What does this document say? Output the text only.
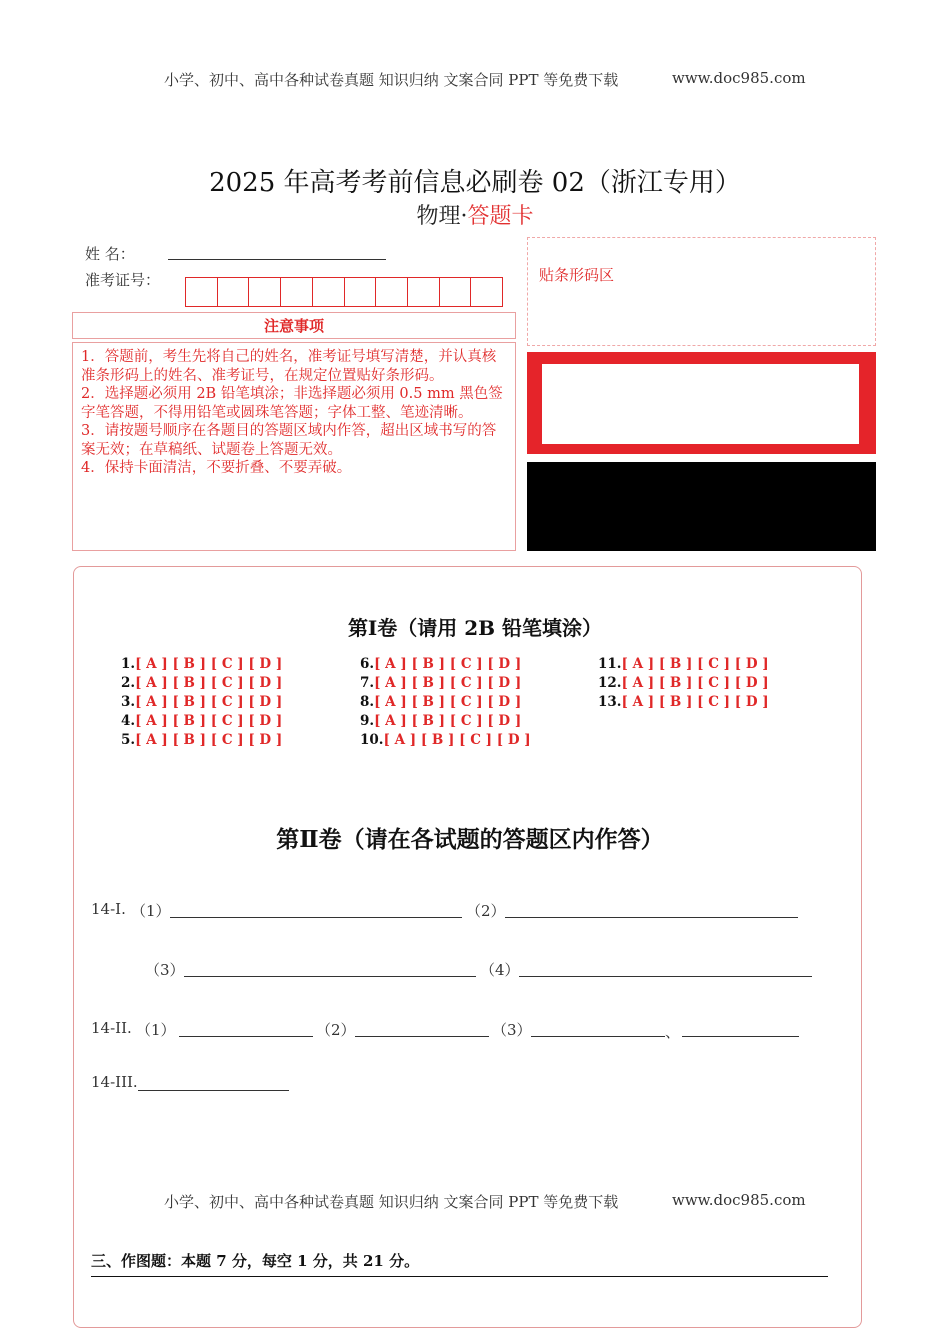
小学、初中、高中各种试卷真题 知识归纳 文案合同 PPT 等免费下载	www.doc985.com
2025 年高考考前信息必刷卷 02（浙江专用）
物理·答题卡
姓 名：
准考证号：
注意事项
1．答题前，考生先将自己的姓名，准考证号填写清楚，并认真核准条形码上的姓名、准考证号，在规定位置贴好条形码。
2．选择题必须用 2B 铅笔填涂；非选择题必须用 0.5 mm 黑色签字笔答题，不得用铅笔或圆珠笔答题；字体工整、笔迹清晰。
3．请按题号顺序在各题目的答题区域内作答，超出区域书写的答案无效；在草稿纸、试题卷上答题无效。
4．保持卡面清洁，不要折叠、不要弄破。
贴条形码区
第Ⅰ卷（请用 2B 铅笔填涂）
1.[ A ] [ B ] [ C ] [ D ]
2.[ A ] [ B ] [ C ] [ D ]
3.[ A ] [ B ] [ C ] [ D ]
4.[ A ] [ B ] [ C ] [ D ]
5.[ A ] [ B ] [ C ] [ D ]
6.[ A ] [ B ] [ C ] [ D ]
7.[ A ] [ B ] [ C ] [ D ]
8.[ A ] [ B ] [ C ] [ D ]
9.[ A ] [ B ] [ C ] [ D ]
10.[ A ] [ B ] [ C ] [ D ]
11.[ A ] [ B ] [ C ] [ D ]
12.[ A ] [ B ] [ C ] [ D ]
13.[ A ] [ B ] [ C ] [ D ]
第Ⅱ卷（请在各试题的答题区内作答）
14-I. （1）	（2）
（3）	（4）
14-II. （1）	（2）	（3）	、
14-III.
小学、初中、高中各种试卷真题 知识归纳 文案合同 PPT 等免费下载	www.doc985.com
三、作图题：本题 7 分，每空 1 分，共 21 分。
